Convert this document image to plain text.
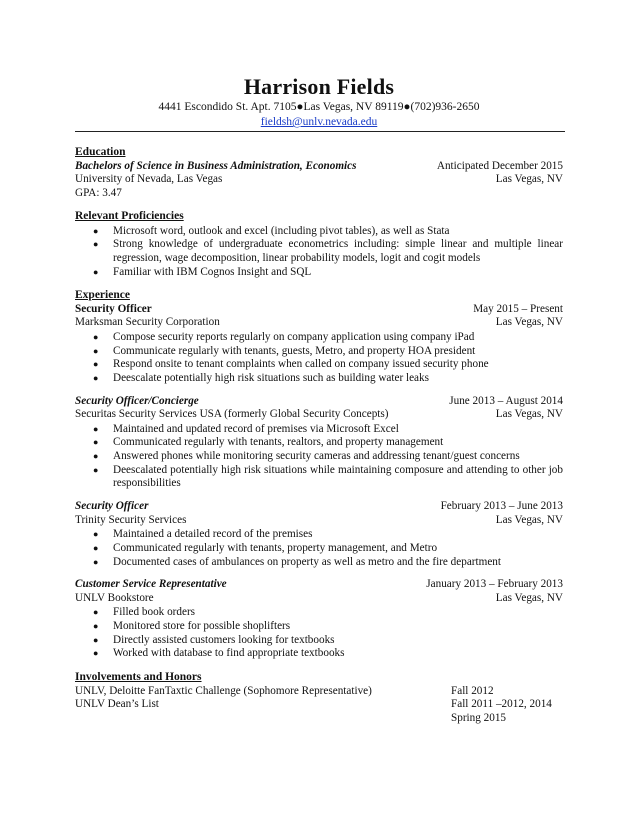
Harrison Fields
4441 Escondido St. Apt. 7105●Las Vegas, NV 89119●(702)936-2650
fieldsh@unlv.nevada.edu
Education
Bachelors of Science in Business Administration, Economics	Anticipated December 2015
University of Nevada, Las Vegas	Las Vegas, NV
GPA: 3.47
Relevant Proficiencies
● Microsoft word, outlook and excel (including pivot tables), as well as Stata
● Strong knowledge of undergraduate econometrics including: simple linear and multiple linear regression, wage decomposition, linear probability models, logit and cogit models
● Familiar with IBM Cognos Insight and SQL
Experience
Security Officer	May 2015 – Present
Marksman Security Corporation	Las Vegas, NV
● Compose security reports regularly on company application using company iPad
● Communicate regularly with tenants, guests, Metro, and property HOA president
● Respond onsite to tenant complaints when called on company issued security phone
● Deescalate potentially high risk situations such as building water leaks
Security Officer/Concierge	June 2013 – August 2014
Securitas Security Services USA (formerly Global Security Concepts)	Las Vegas, NV
● Maintained and updated record of premises via Microsoft Excel
● Communicated regularly with tenants, realtors, and property management
● Answered phones while monitoring security cameras and addressing tenant/guest concerns
● Deescalated potentially high risk situations while maintaining composure and attending to other job responsibilities
Security Officer	February 2013 – June 2013
Trinity Security Services	Las Vegas, NV
● Maintained a detailed record of the premises
● Communicated regularly with tenants, property management, and Metro
● Documented cases of ambulances on property as well as metro and the fire department
Customer Service Representative	January 2013 – February 2013
UNLV Bookstore	Las Vegas, NV
● Filled book orders
● Monitored store for possible shoplifters
● Directly assisted customers looking for textbooks
● Worked with database to find appropriate textbooks
Involvements and Honors
UNLV, Deloitte FanTaxtic Challenge (Sophomore Representative)	Fall 2012
UNLV Dean’s List	Fall 2011 –2012, 2014
Spring 2015
